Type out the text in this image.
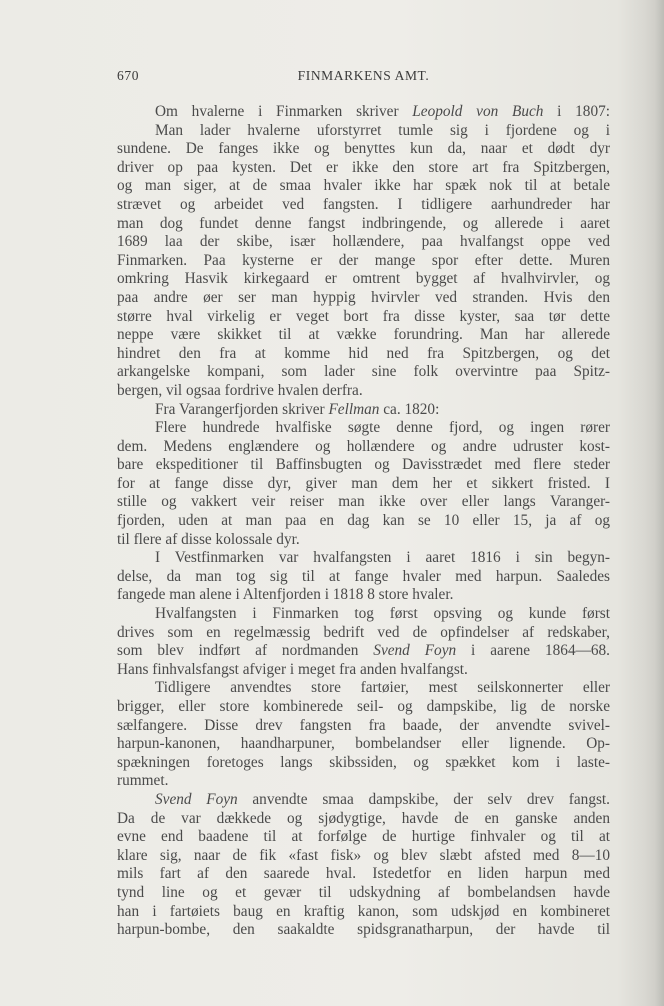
670	FINMARKENS AMT.
Om hvalerne i Finmarken skriver Leopold von Buch i 1807:
Man lader hvalerne uforstyrret tumle sig i fjordene og i
sundene. De fanges ikke og benyttes kun da, naar et dødt dyr
driver op paa kysten. Det er ikke den store art fra Spitzbergen,
og man siger, at de smaa hvaler ikke har spæk nok til at betale
strævet og arbeidet ved fangsten. I tidligere aarhundreder har
man dog fundet denne fangst indbringende, og allerede i aaret
1689 laa der skibe, især hollændere, paa hvalfangst oppe ved
Finmarken. Paa kysterne er der mange spor efter dette. Muren
omkring Hasvik kirkegaard er omtrent bygget af hvalhvirvler, og
paa andre øer ser man hyppig hvirvler ved stranden. Hvis den
større hval virkelig er veget bort fra disse kyster, saa tør dette
neppe være skikket til at vække forundring. Man har allerede
hindret den fra at komme hid ned fra Spitzbergen, og det
arkangelske kompani, som lader sine folk overvintre paa Spitz-
bergen, vil ogsaa fordrive hvalen derfra.
Fra Varangerfjorden skriver Fellman ca. 1820:
Flere hundrede hvalfiske søgte denne fjord, og ingen rører
dem. Medens englændere og hollændere og andre udruster kost-
bare ekspeditioner til Baffinsbugten og Davisstrædet med flere steder
for at fange disse dyr, giver man dem her et sikkert fristed. I
stille og vakkert veir reiser man ikke over eller langs Varanger-
fjorden, uden at man paa en dag kan se 10 eller 15, ja af og
til flere af disse kolossale dyr.
I Vestfinmarken var hvalfangsten i aaret 1816 i sin begyn-
delse, da man tog sig til at fange hvaler med harpun. Saaledes
fangede man alene i Altenfjorden i 1818 8 store hvaler.
Hvalfangsten i Finmarken tog først opsving og kunde først
drives som en regelmæssig bedrift ved de opfindelser af redskaber,
som blev indført af nordmanden Svend Foyn i aarene 1864—68.
Hans finhvalsfangst afviger i meget fra anden hvalfangst.
Tidligere anvendtes store fartøier, mest seilskonnerter eller
brigger, eller store kombinerede seil- og dampskibe, lig de norske
sælfangere. Disse drev fangsten fra baade, der anvendte svivel-
harpun-kanonen, haandharpuner, bombelandser eller lignende. Op-
spækningen foretoges langs skibssiden, og spækket kom i laste-
rummet.
Svend Foyn anvendte smaa dampskibe, der selv drev fangst.
Da de var dækkede og sjødygtige, havde de en ganske anden
evne end baadene til at forfølge de hurtige finhvaler og til at
klare sig, naar de fik «fast fisk» og blev slæbt afsted med 8—10
mils fart af den saarede hval. Istedetfor en liden harpun med
tynd line og et gevær til udskydning af bombelandsen havde
han i fartøiets baug en kraftig kanon, som udskjød en kombineret
harpun-bombe, den saakaldte spidsgranatharpun, der havde til
